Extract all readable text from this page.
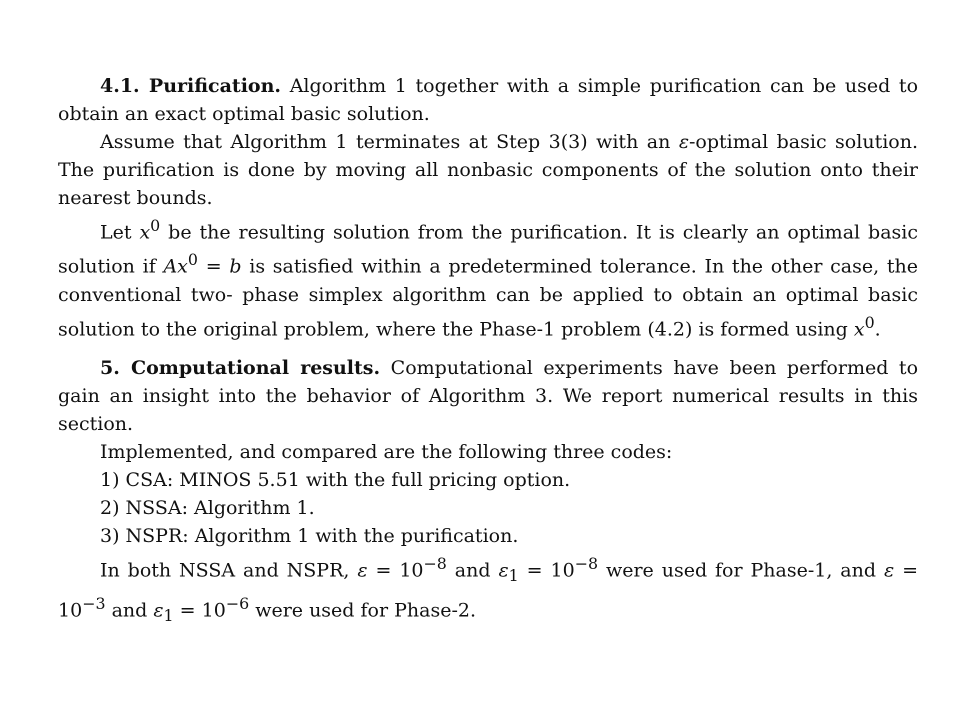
4.1. Purification. Algorithm 1 together with a simple purification can be used to obtain an exact optimal basic solution.

Assume that Algorithm 1 terminates at Step 3(3) with an ε-optimal basic solution. The purification is done by moving all nonbasic components of the solution onto their nearest bounds.

Let $x^0$ be the resulting solution from the purification. It is clearly an optimal basic solution if $Ax^0 = b$ is satisfied within a predetermined tolerance. In the other case, the conventional two- phase simplex algorithm can be applied to obtain an optimal basic solution to the original problem, where the Phase-1 problem (4.2) is formed using $x^0$.

5. Computational results. Computational experiments have been performed to gain an insight into the behavior of Algorithm 3. We report numerical results in this section.

Implemented, and compared are the following three codes:

1) CSA: MINOS 5.51 with the full pricing option.

2) NSSA: Algorithm 1.

3) NSPR: Algorithm 1 with the purification.

In both NSSA and NSPR, $\varepsilon = 10^{-8}$ and $\varepsilon_1 = 10^{-8}$ were used for Phase-1, and $\varepsilon = 10^{-3}$ and $\varepsilon_1 = 10^{-6}$ were used for Phase-2.
